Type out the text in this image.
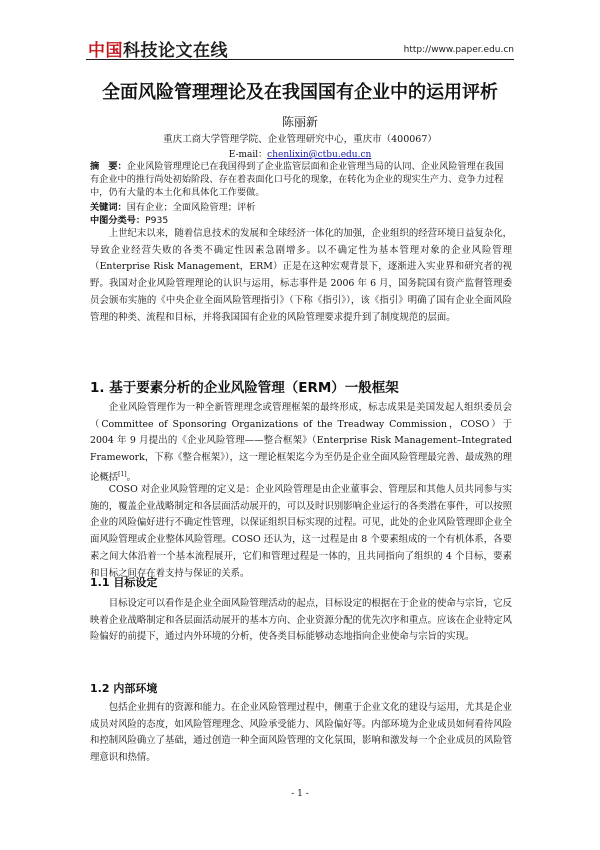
中国科技论文在线	http://www.paper.edu.cn
全面风险管理理论及在我国国有企业中的运用评析
陈丽新
重庆工商大学管理学院、企业管理研究中心，重庆市（400067）
E-mail：chenlixin@ctbu.edu.cn
摘　要：企业风险管理理论已在我国得到了企业监管层面和企业管理当局的认同、企业风险管理在我国有企业中的推行尚处初始阶段、存在着表面化口号化的现象，在转化为企业的现实生产力、竞争力过程中，仍有大量的本土化和具体化工作要做。
关键词：国有企业；全面风险管理；评析
中图分类号：P935
上世纪末以来，随着信息技术的发展和全球经济一体化的加强，企业组织的经营环境日益复杂化，导致企业经营失败的各类不确定性因素急剧增多。以不确定性为基本管理对象的企业风险管理（Enterprise Risk Management，ERM）正是在这种宏观背景下，逐渐进入实业界和研究者的视野。我国对企业风险管理理论的认识与运用，标志事件是 2006 年 6 月，国务院国有资产监督管理委员会颁布实施的《中央企业全面风险管理指引》（下称《指引》），该《指引》明确了国有企业全面风险管理的种类、流程和目标，并将我国国有企业的风险管理要求提升到了制度规范的层面。
1. 基于要素分析的企业风险管理（ERM）一般框架
企业风险管理作为一种全新管理理念或管理框架的最终形成，标志成果是美国发起人组织委员会（Committee of Sponsoring Organizations of the Treadway Commission，COSO）于 2004 年 9 月提出的《企业风险管理——整合框架》（Enterprise Risk Management–Integrated Framework，下称《整合框架》），这一理论框架迄今为至仍是企业全面风险管理最完善、最成熟的理论概括[1]。
COSO 对企业风险管理的定义是：企业风险管理是由企业董事会、管理层和其他人员共同参与实施的，覆盖企业战略制定和各层面活动展开的，可以及时识别影响企业运行的各类潜在事件，可以按照企业的风险偏好进行不确定性管理，以保证组织目标实现的过程。可见，此处的企业风险管理即企业全面风险管理或企业整体风险管理。COSO 还认为，这一过程是由 8 个要素组成的一个有机体系，各要素之间大体沿着一个基本流程展开，它们和管理过程是一体的，且共同指向了组织的 4 个目标，要素和目标之间存在着支持与保证的关系。
1.1 目标设定
目标设定可以看作是企业全面风险管理活动的起点，目标设定的根据在于企业的使命与宗旨，它反映着企业战略制定和各层面活动展开的基本方向、企业资源分配的优先次序和重点。应该在企业特定风险偏好的前提下，通过内外环境的分析，使各类目标能够动态地指向企业使命与宗旨的实现。
1.2 内部环境
包括企业拥有的资源和能力。在企业风险管理过程中，侧重于企业文化的建设与运用，尤其是企业成员对风险的态度，如风险管理理念、风险承受能力、风险偏好等。内部环境为企业成员如何看待风险和控制风险确立了基础，通过创造一种全面风险管理的文化氛围，影响和激发每一个企业成员的风险管理意识和热情。
- 1 -
